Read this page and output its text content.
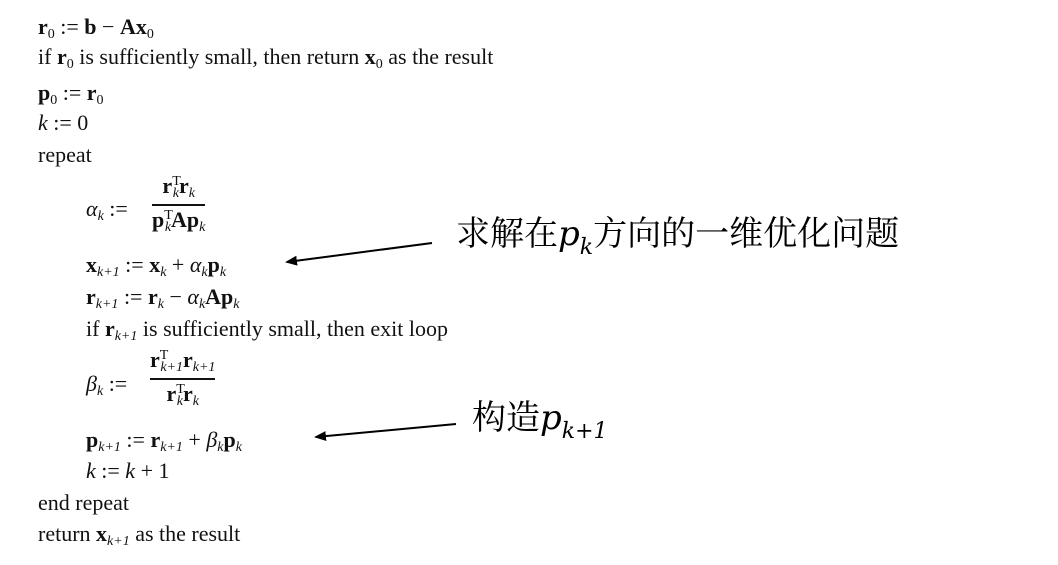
$r_0$ := $b - Ax_0$
if $r_0$ is sufficiently small, then return $x_0$ as the result
$p_0$ := $r_0$
k := 0
repeat
αk :=
$r^Tkrk$
$p^TkApk$
$x_{k+1}$ := $x_k + \alpha_kp_k$
$r_{k+1}$ := $r_k - \alpha_kAp_k$
if $r_{k+1}$ is sufficiently small, then exit loop
βk :=
$r^Tk+1rk+1$
$r^Tkrk$
$p_{k+1}$ := $r_{k+1} + \beta_kp_k$
k := k + 1
end repeat
return $x_{k+1}$ as the result
求解在$p_k$方向的一维优化问题
构造$p_{k+1}$
